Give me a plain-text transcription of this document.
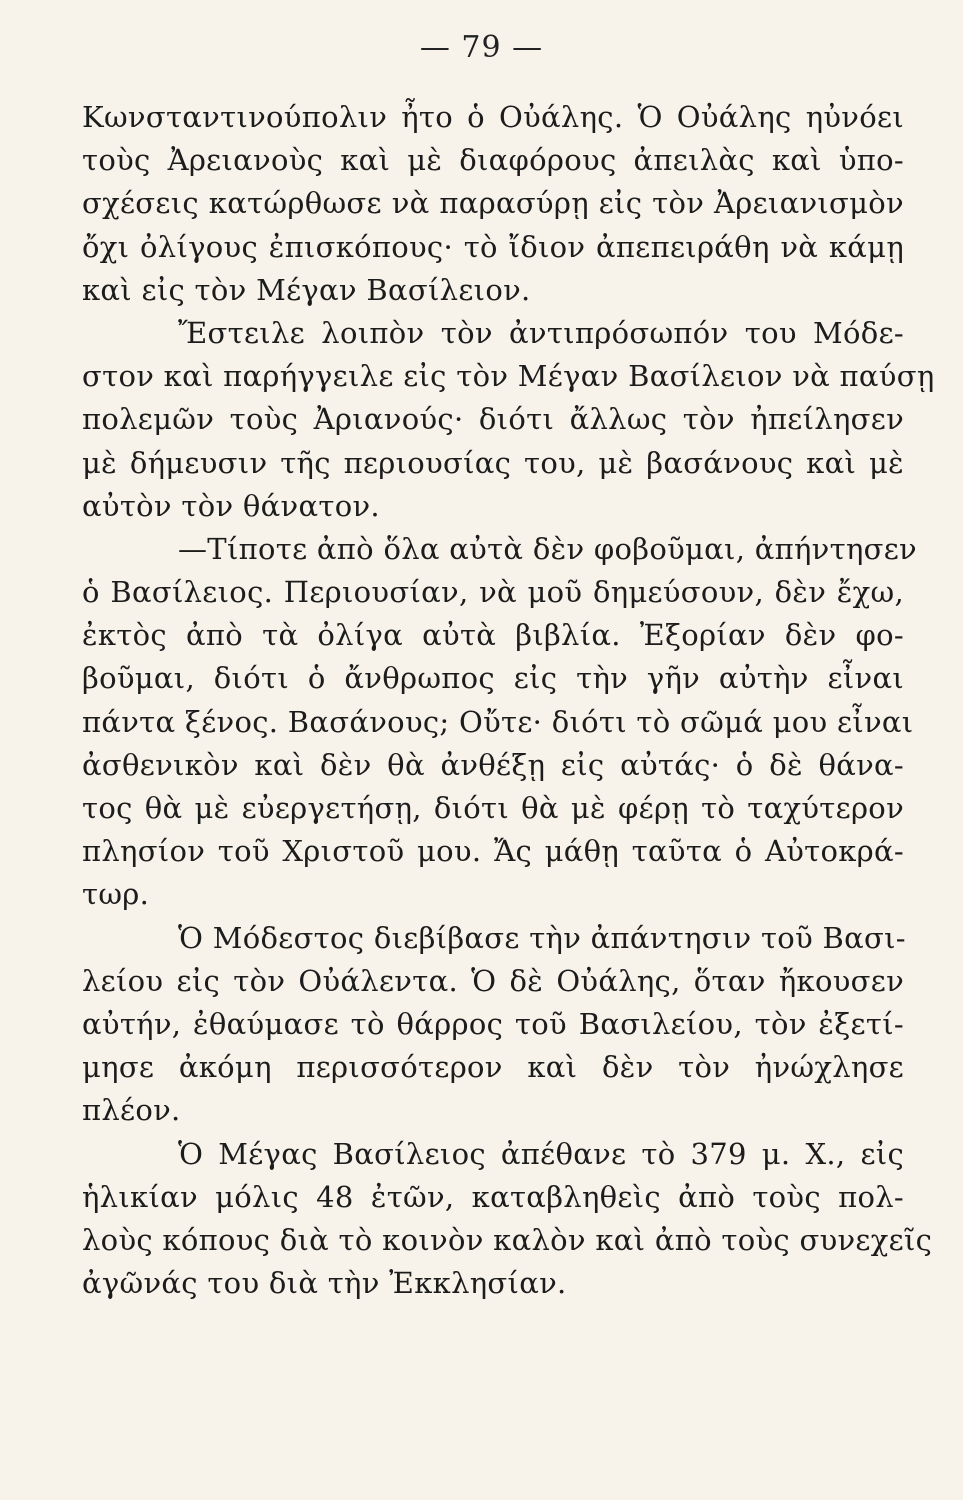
— 79 —
Κωνσταντινούπολιν ἦτο ὁ Οὐάλης. Ὁ Οὐάλης ηὐνόει
τοὺς Ἀρειανοὺς καὶ μὲ διαφόρους ἀπειλὰς καὶ ὑπο-
σχέσεις κατώρθωσε νὰ παρασύρῃ εἰς τὸν Ἀρειανισμὸν
ὄχι ὀλίγους ἐπισκόπους· τὸ ἴδιον ἀπεπειράθη νὰ κάμῃ
καὶ εἰς τὸν Μέγαν Βασίλειον.
Ἔστειλε λοιπὸν τὸν ἀντιπρόσωπόν του Μόδε-
στον καὶ παρήγγειλε εἰς τὸν Μέγαν Βασίλειον νὰ παύσῃ
πολεμῶν τοὺς Ἀριανούς· διότι ἄλλως τὸν ἠπείλησεν
μὲ δήμευσιν τῆς περιουσίας του, μὲ βασάνους καὶ μὲ
αὐτὸν τὸν θάνατον.
—Τίποτε ἀπὸ ὅλα αὐτὰ δὲν φοβοῦμαι, ἀπήντησεν
ὁ Βασίλειος. Περιουσίαν, νὰ μοῦ δημεύσουν, δὲν ἔχω,
ἐκτὸς ἀπὸ τὰ ὀλίγα αὐτὰ βιβλία. Ἐξορίαν δὲν φο-
βοῦμαι, διότι ὁ ἄνθρωπος εἰς τὴν γῆν αὐτὴν εἶναι
πάντα ξένος. Βασάνους; Οὔτε· διότι τὸ σῶμά μου εἶναι
ἀσθενικὸν καὶ δὲν θὰ ἀνθέξῃ εἰς αὐτάς· ὁ δὲ θάνα-
τος θὰ μὲ εὐεργετήσῃ, διότι θὰ μὲ φέρῃ τὸ ταχύτερον
πλησίον τοῦ Χριστοῦ μου. Ἄς μάθῃ ταῦτα ὁ Αὐτοκρά-
τωρ.
Ὁ Μόδεστος διεβίβασε τὴν ἀπάντησιν τοῦ Βασι-
λείου εἰς τὸν Οὐάλεντα. Ὁ δὲ Οὐάλης, ὅταν ἤκουσεν
αὐτήν, ἐθαύμασε τὸ θάρρος τοῦ Βασιλείου, τὸν ἐξετί-
μησε ἀκόμη περισσότερον καὶ δὲν τὸν ἠνώχλησε
πλέον.
Ὁ Μέγας Βασίλειος ἀπέθανε τὸ 379 μ. Χ., εἰς
ἡλικίαν μόλις 48 ἐτῶν, καταβληθεὶς ἀπὸ τοὺς πολ-
λοὺς κόπους διὰ τὸ κοινὸν καλὸν καὶ ἀπὸ τοὺς συνεχεῖς
ἀγῶνάς του διὰ τὴν Ἐκκλησίαν.
